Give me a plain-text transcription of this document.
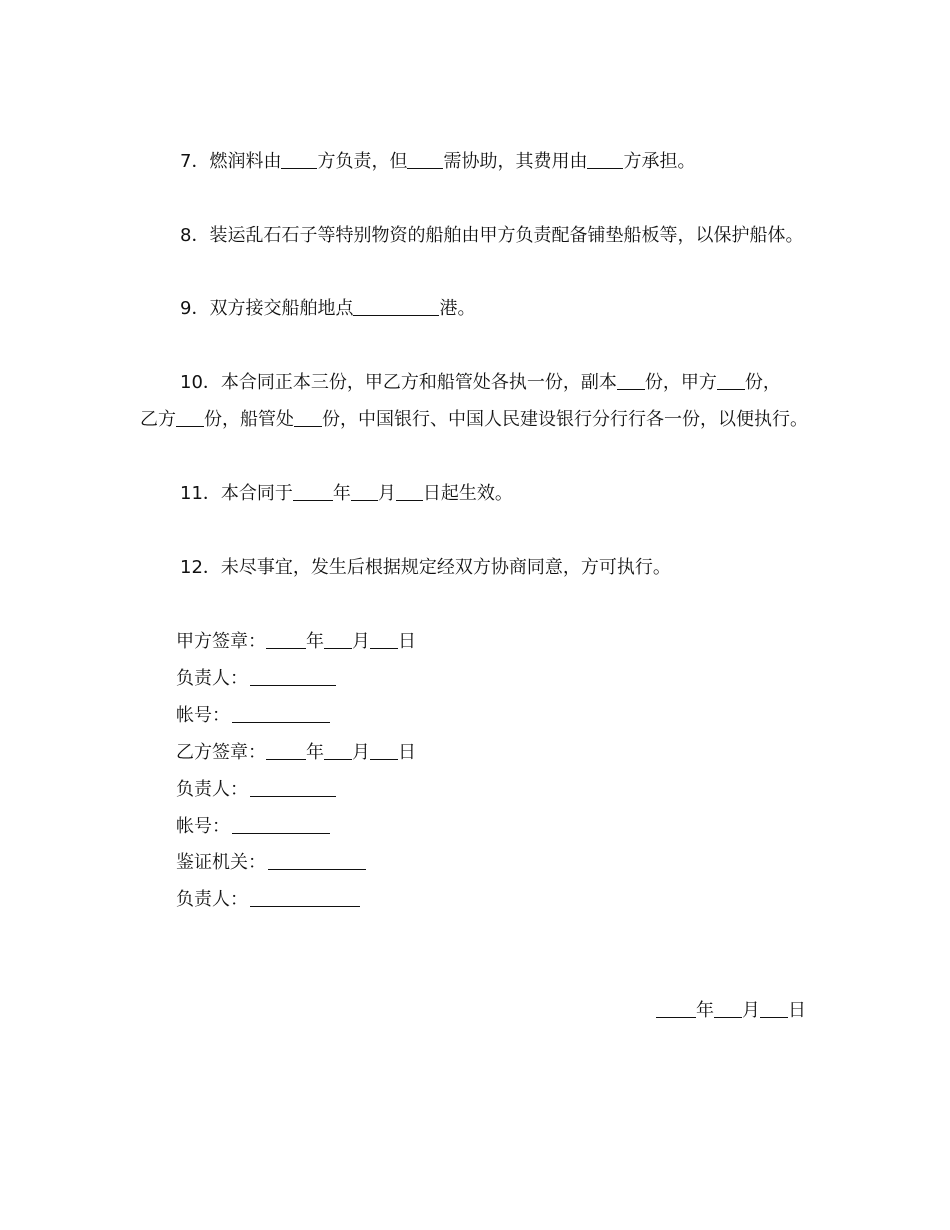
7．燃润料由 方负责，但 需协助，其费用由 方承担。
8．装运乱石石子等特别物资的船舶由甲方负责配备铺垫船板等，以保护船体。
9．双方接交船舶地点	港。
10．本合同正本三份，甲乙方和船管处各执一份，副本 份，甲方 份，
乙方 份，船管处 份，中国银行、中国人民建设银行分行行各一份，以便执行。
11．本合同于 年 月 日起生效。
12．未尽事宜，发生后根据规定经双方协商同意，方可执行。
甲方签章： 年 月 日
负责人：
帐号：
乙方签章： 年 月 日
负责人：
帐号：
鉴证机关：
负责人：
年 月 日
